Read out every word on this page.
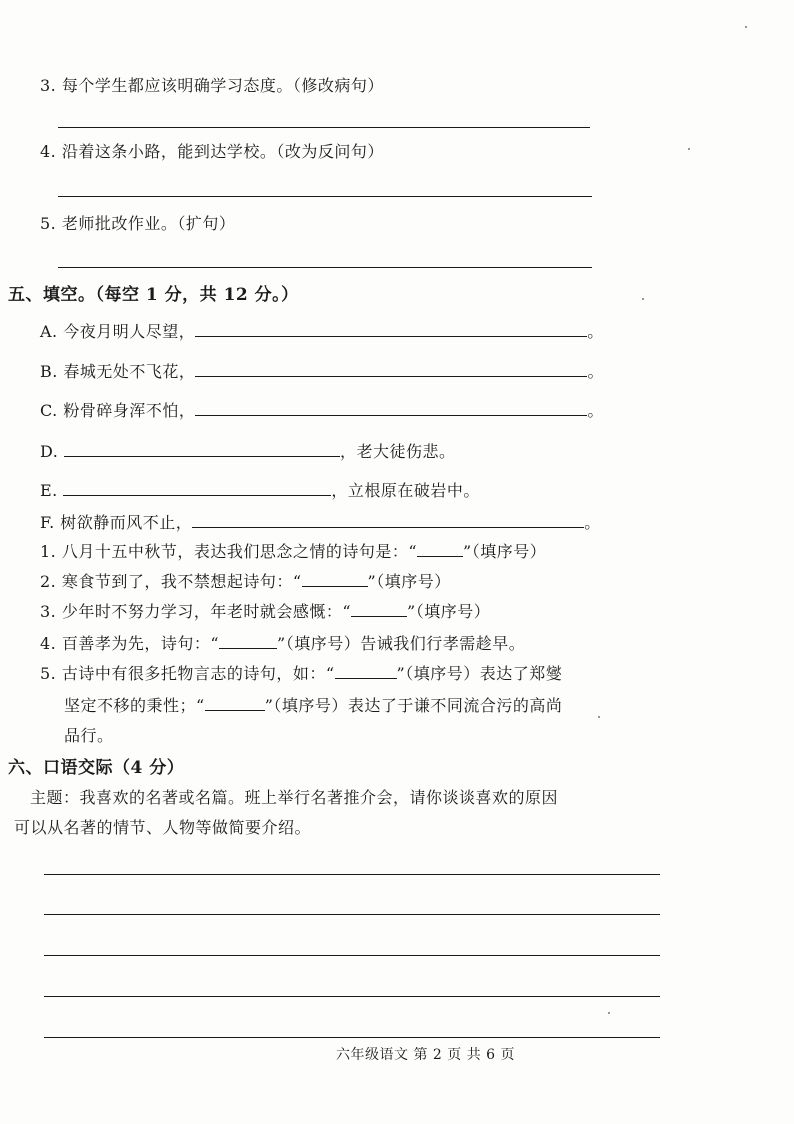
3. 每个学生都应该明确学习态度。（修改病句）
4. 沿着这条小路，能到达学校。（改为反问句）
5. 老师批改作业。（扩句）
五、填空。（每空 1 分，共 12 分。）
A. 今夜月明人尽望，	。
B. 春城无处不飞花，	。
C. 粉骨碎身浑不怕，	。
D.	，老大徒伤悲。
E.	，立根原在破岩中。
F. 树欲静而风不止，	。
1. 八月十五中秋节，表达我们思念之情的诗句是：“	”（填序号）
2. 寒食节到了，我不禁想起诗句：“	”（填序号）
3. 少年时不努力学习，年老时就会感慨：“	”（填序号）
4. 百善孝为先，诗句：“	”（填序号）告诫我们行孝需趁早。
5. 古诗中有很多托物言志的诗句，如：“	”（填序号）表达了郑燮
坚定不移的秉性；“	”（填序号）表达了于谦不同流合污的高尚
品行。
六、口语交际（4 分）
主题：我喜欢的名著或名篇。班上举行名著推介会，请你谈谈喜欢的原因
可以从名著的情节、人物等做简要介绍。
六年级语文 第 2 页 共 6 页
